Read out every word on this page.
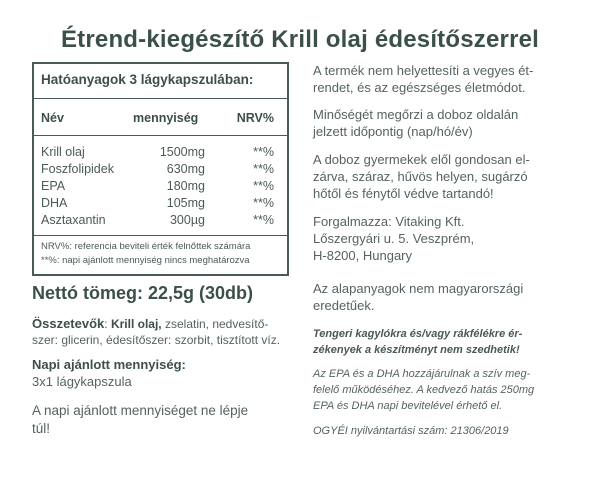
Étrend-kiegészítő Krill olaj édesítőszerrel
Hatóanyagok 3 lágykapszulában:
Név	mennyiség	NRV%
Krill olaj	1500mg	**%
Foszfolipidek	630mg	**%
EPA	180mg	**%
DHA	105mg	**%
Asztaxantin	300µg	**%
NRV%: referencia beviteli érték felnőttek számára
**%: napi ajánlott mennyiség nincs meghatározva
Nettó tömeg: 22,5g (30db)
Összetevők: Krill olaj, zselatin, nedvesítő-
szer: glicerin, édesítőszer: szorbit, tisztított víz.
Napi ajánlott mennyiség:
3x1 lágykapszula
A napi ajánlott mennyiséget ne lépje
túl!
A termék nem helyettesíti a vegyes ét-
rendet, és az egészséges életmódot.
Minőségét megőrzi a doboz oldalán
jelzett időpontig (nap/hó/év)
A doboz gyermekek elől gondosan el-
zárva, száraz, hűvös helyen, sugárzó
hőtől és fénytől védve tartandó!
Forgalmazza: Vitaking Kft.
Lőszergyári u. 5. Veszprém,
H-8200, Hungary
Az alapanyagok nem magyarországi
eredetűek.
Tengeri kagylókra és/vagy rákfélékre ér-
zékenyek a készítményt nem szedhetik!
Az EPA és a DHA hozzájárulnak a szív meg-
felelő működéséhez. A kedvező hatás 250mg
EPA és DHA napi bevitelével érhető el.
OGYÉI nyilvántartási szám: 21306/2019
